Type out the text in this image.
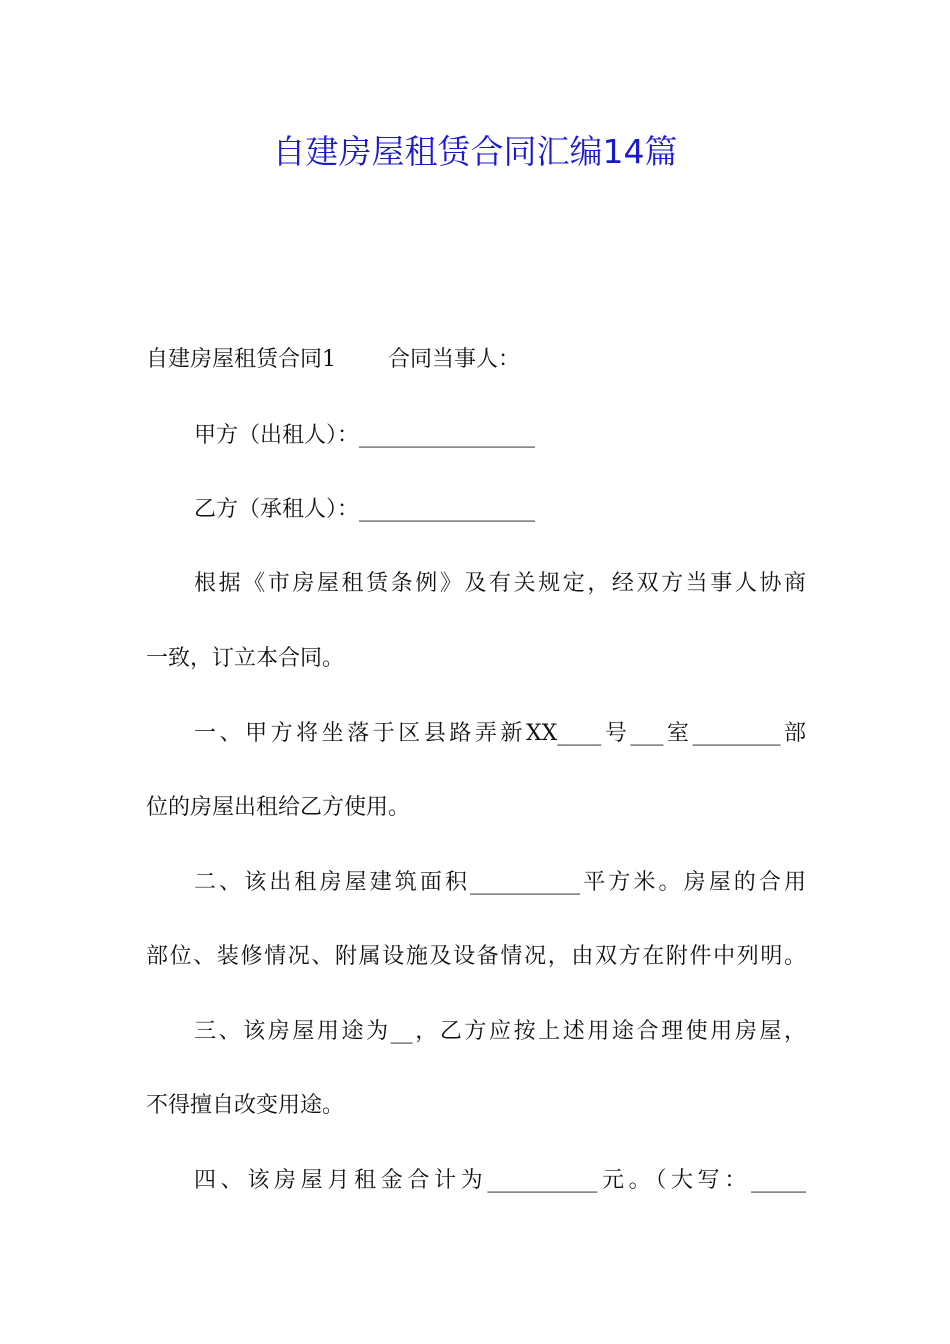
自建房屋租赁合同汇编14篇
自建房屋租赁合同1 合同当事人：
甲方（出租人）：________________
乙方（承租人）：________________
根据《市房屋租赁条例》及有关规定，经双方当事人协商
一致，订立本合同。
一、甲方将坐落于区县路弄新XX____号___室________部
位的房屋出租给乙方使用。
二、该出租房屋建筑面积__________平方米。房屋的合用
部位、装修情况、附属设施及设备情况，由双方在附件中列明。
三、该房屋用途为__，乙方应按上述用途合理使用房屋，
不得擅自改变用途。
四、该房屋月租金合计为__________元。（大写：_____
